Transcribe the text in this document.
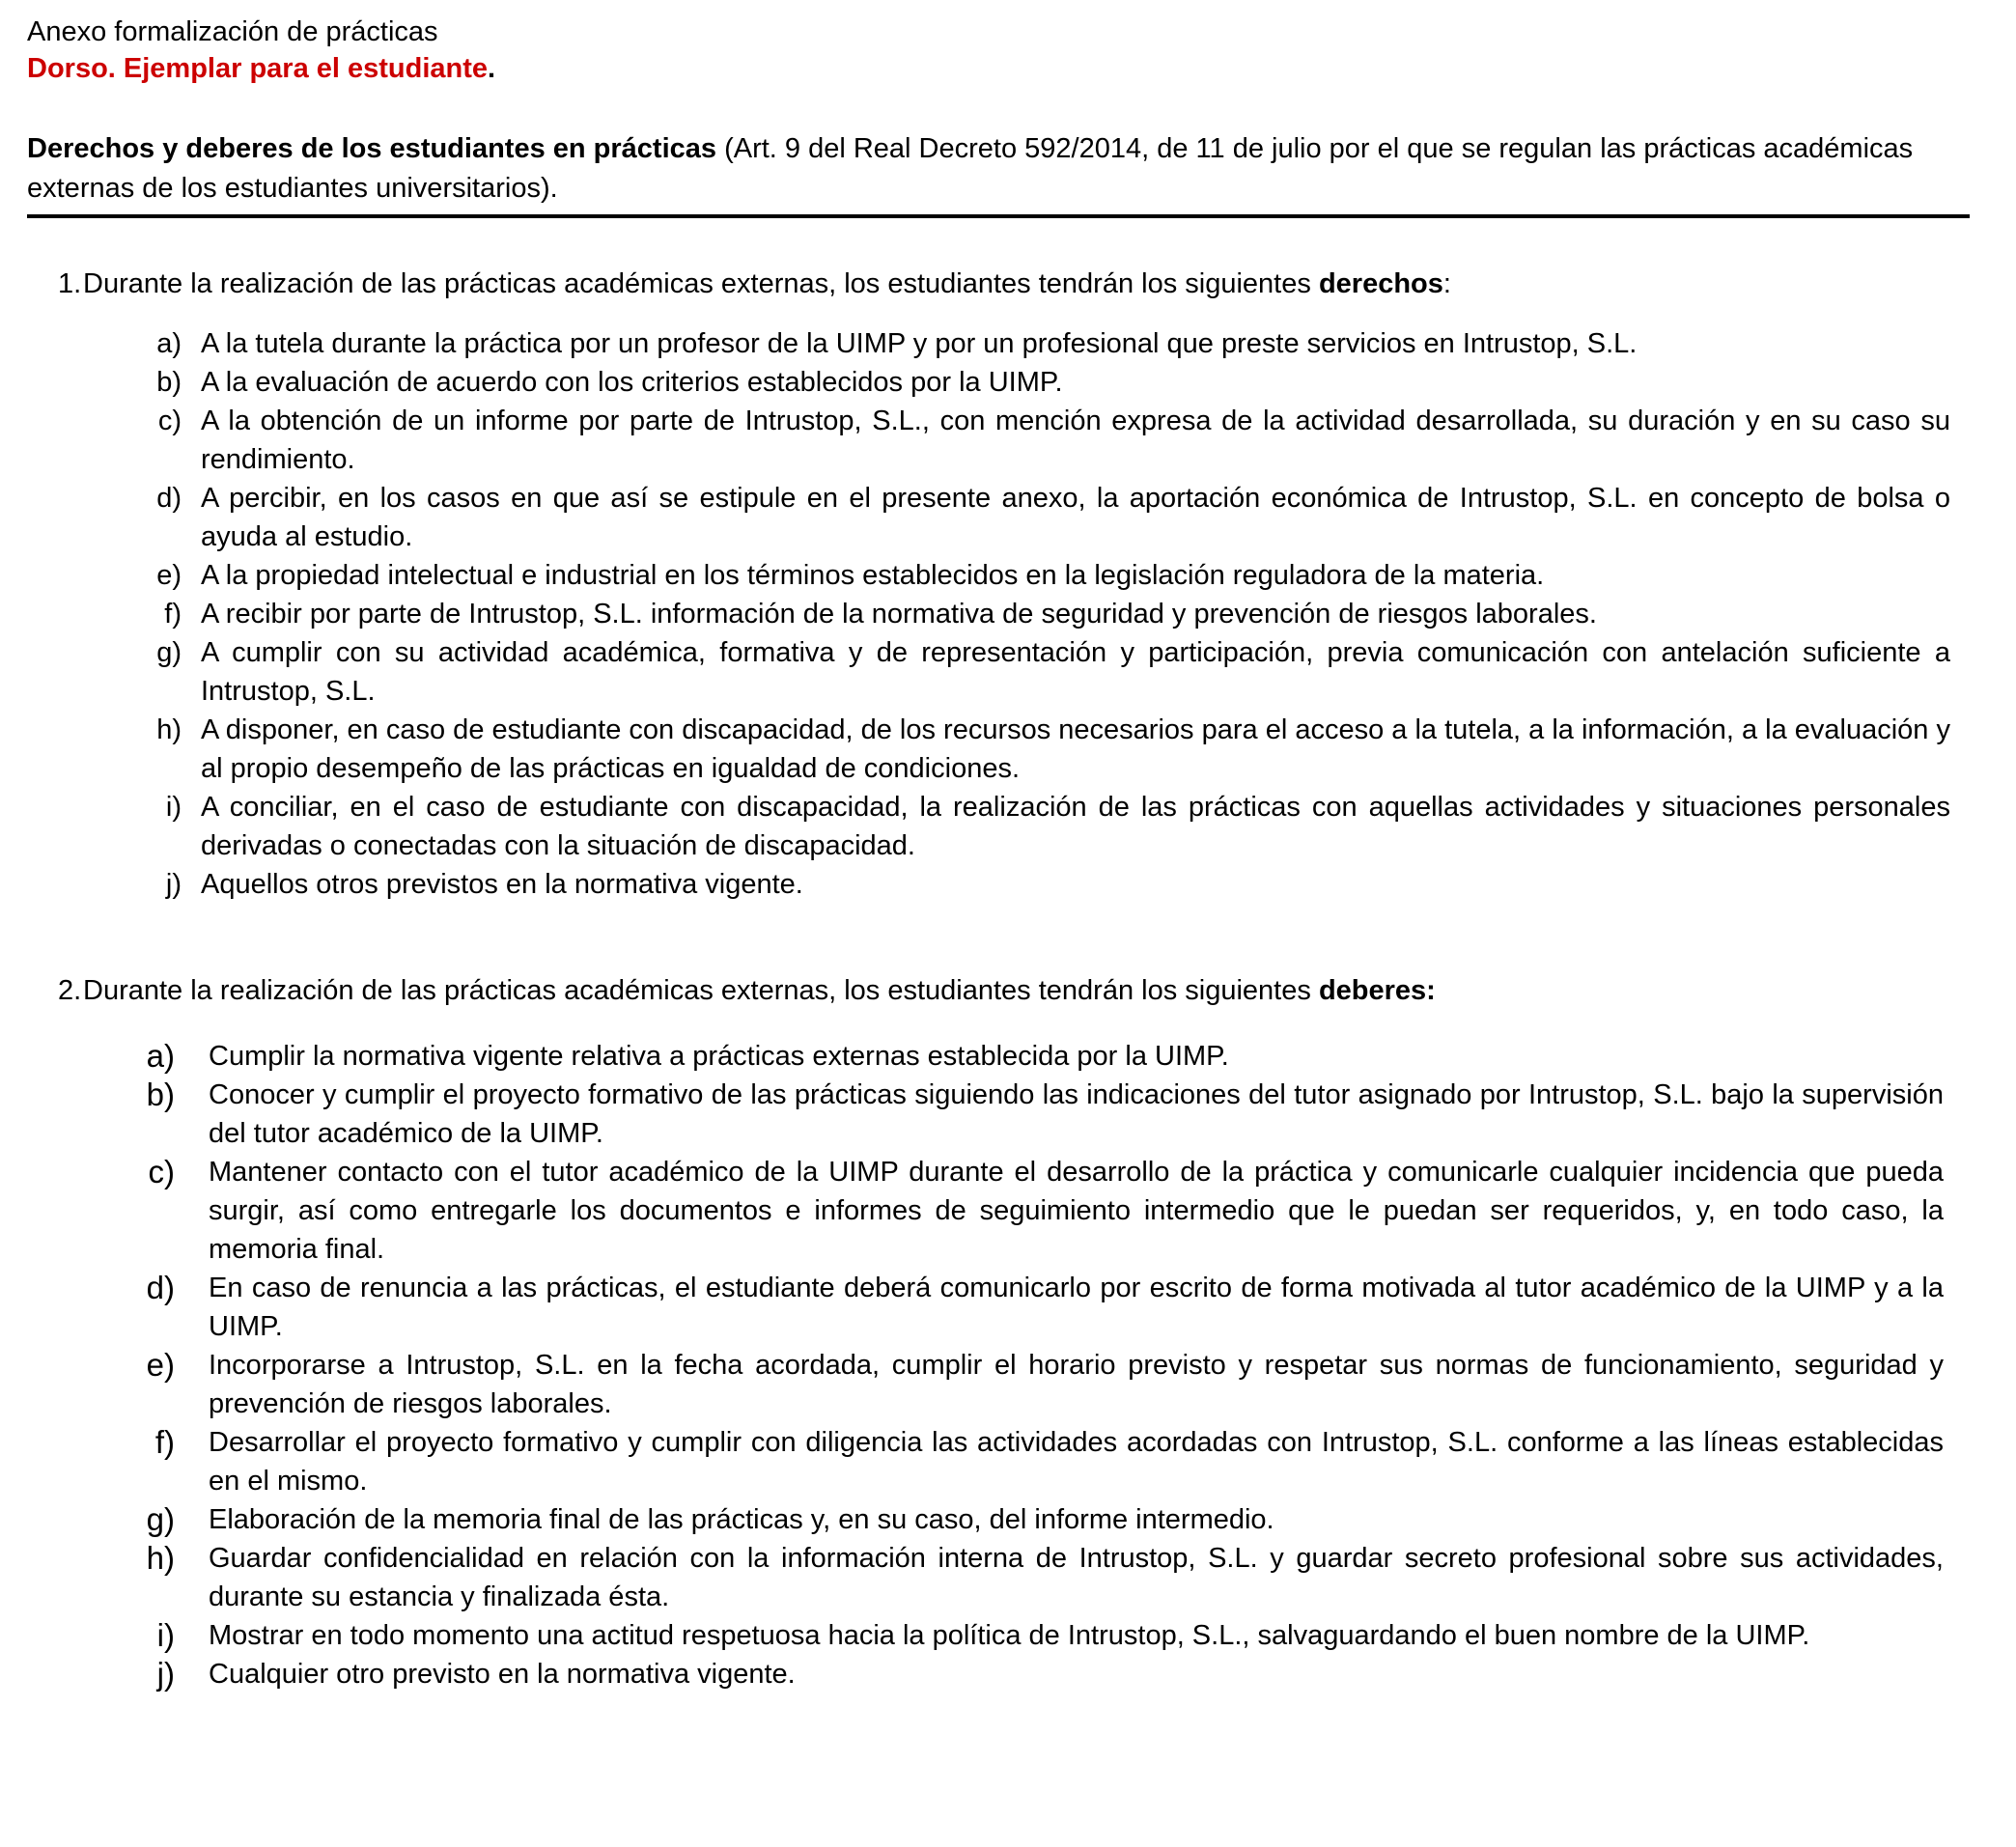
Anexo formalización de prácticas
Dorso. Ejemplar para el estudiante.
Derechos y deberes de los estudiantes en prácticas (Art. 9 del Real Decreto 592/2014, de 11 de julio por el que se regulan las prácticas académicas externas de los estudiantes universitarios).
1. Durante la realización de las prácticas académicas externas, los estudiantes tendrán los siguientes derechos:
a) A la tutela durante la práctica por un profesor de la UIMP y por un profesional que preste servicios en Intrustop, S.L.
b) A la evaluación de acuerdo con los criterios establecidos por la UIMP.
c) A la obtención de un informe por parte de Intrustop, S.L., con mención expresa de la actividad desarrollada, su duración y en su caso su rendimiento.
d) A percibir, en los casos en que así se estipule en el presente anexo, la aportación económica de Intrustop, S.L. en concepto de bolsa o ayuda al estudio.
e) A la propiedad intelectual e industrial en los términos establecidos en la legislación reguladora de la materia.
f) A recibir por parte de Intrustop, S.L. información de la normativa de seguridad y prevención de riesgos laborales.
g) A cumplir con su actividad académica, formativa y de representación y participación, previa comunicación con antelación suficiente a Intrustop, S.L.
h) A disponer, en caso de estudiante con discapacidad, de los recursos necesarios para el acceso a la tutela, a la información, a la evaluación y al propio desempeño de las prácticas en igualdad de condiciones.
i) A conciliar, en el caso de estudiante con discapacidad, la realización de las prácticas con aquellas actividades y situaciones personales derivadas o conectadas con la situación de discapacidad.
j) Aquellos otros previstos en la normativa vigente.
2. Durante la realización de las prácticas académicas externas, los estudiantes tendrán los siguientes deberes:
a)	Cumplir la normativa vigente relativa a prácticas externas establecida por la UIMP.
b)	Conocer y cumplir el proyecto formativo de las prácticas siguiendo las indicaciones del tutor asignado por Intrustop, S.L. bajo la supervisión del tutor académico de la UIMP.
c)	Mantener contacto con el tutor académico de la UIMP durante el desarrollo de la práctica y comunicarle cualquier incidencia que pueda surgir, así como entregarle los documentos e informes de seguimiento intermedio que le puedan ser requeridos, y, en todo caso, la memoria final.
d)	En caso de renuncia a las prácticas, el estudiante deberá comunicarlo por escrito de forma motivada al tutor académico de la UIMP y a la UIMP.
e)	Incorporarse a Intrustop, S.L. en la fecha acordada, cumplir el horario previsto y respetar sus normas de funcionamiento, seguridad y prevención de riesgos laborales.
f)	Desarrollar el proyecto formativo y cumplir con diligencia las actividades acordadas con Intrustop, S.L. conforme a las líneas establecidas en el mismo.
g)	Elaboración de la memoria final de las prácticas y, en su caso, del informe intermedio.
h)	Guardar confidencialidad en relación con la información interna de Intrustop, S.L. y guardar secreto profesional sobre sus actividades, durante su estancia y finalizada ésta.
i)	Mostrar en todo momento una actitud respetuosa hacia la política de Intrustop, S.L., salvaguardando el buen nombre de la UIMP.
j)	Cualquier otro previsto en la normativa vigente.
